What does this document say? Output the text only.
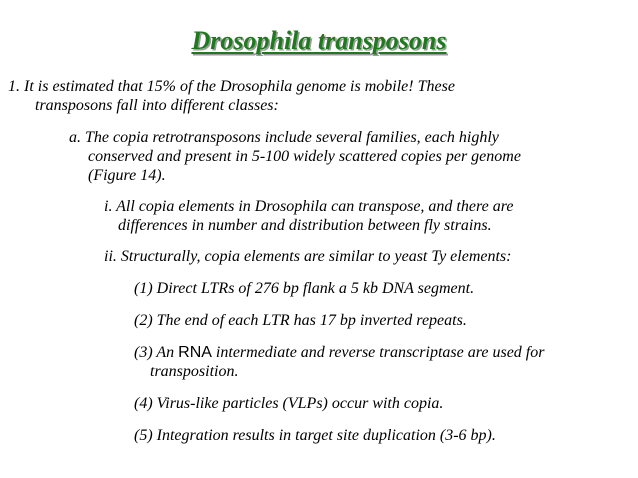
Drosophila transposons
1. It is estimated that 15% of the Drosophila genome is mobile! These
transposons fall into different classes:
a. The copia retrotransposons include several families, each highly
conserved and present in 5-100 widely scattered copies per genome
(Figure 14).
i. All copia elements in Drosophila can transpose, and there are
differences in number and distribution between fly strains.
ii. Structurally, copia elements are similar to yeast Ty elements:
(1) Direct LTRs of 276 bp flank a 5 kb DNA segment.
(2) The end of each LTR has 17 bp inverted repeats.
(3) An RNA intermediate and reverse transcriptase are used for
transposition.
(4) Virus-like particles (VLPs) occur with copia.
(5) Integration results in target site duplication (3-6 bp).
